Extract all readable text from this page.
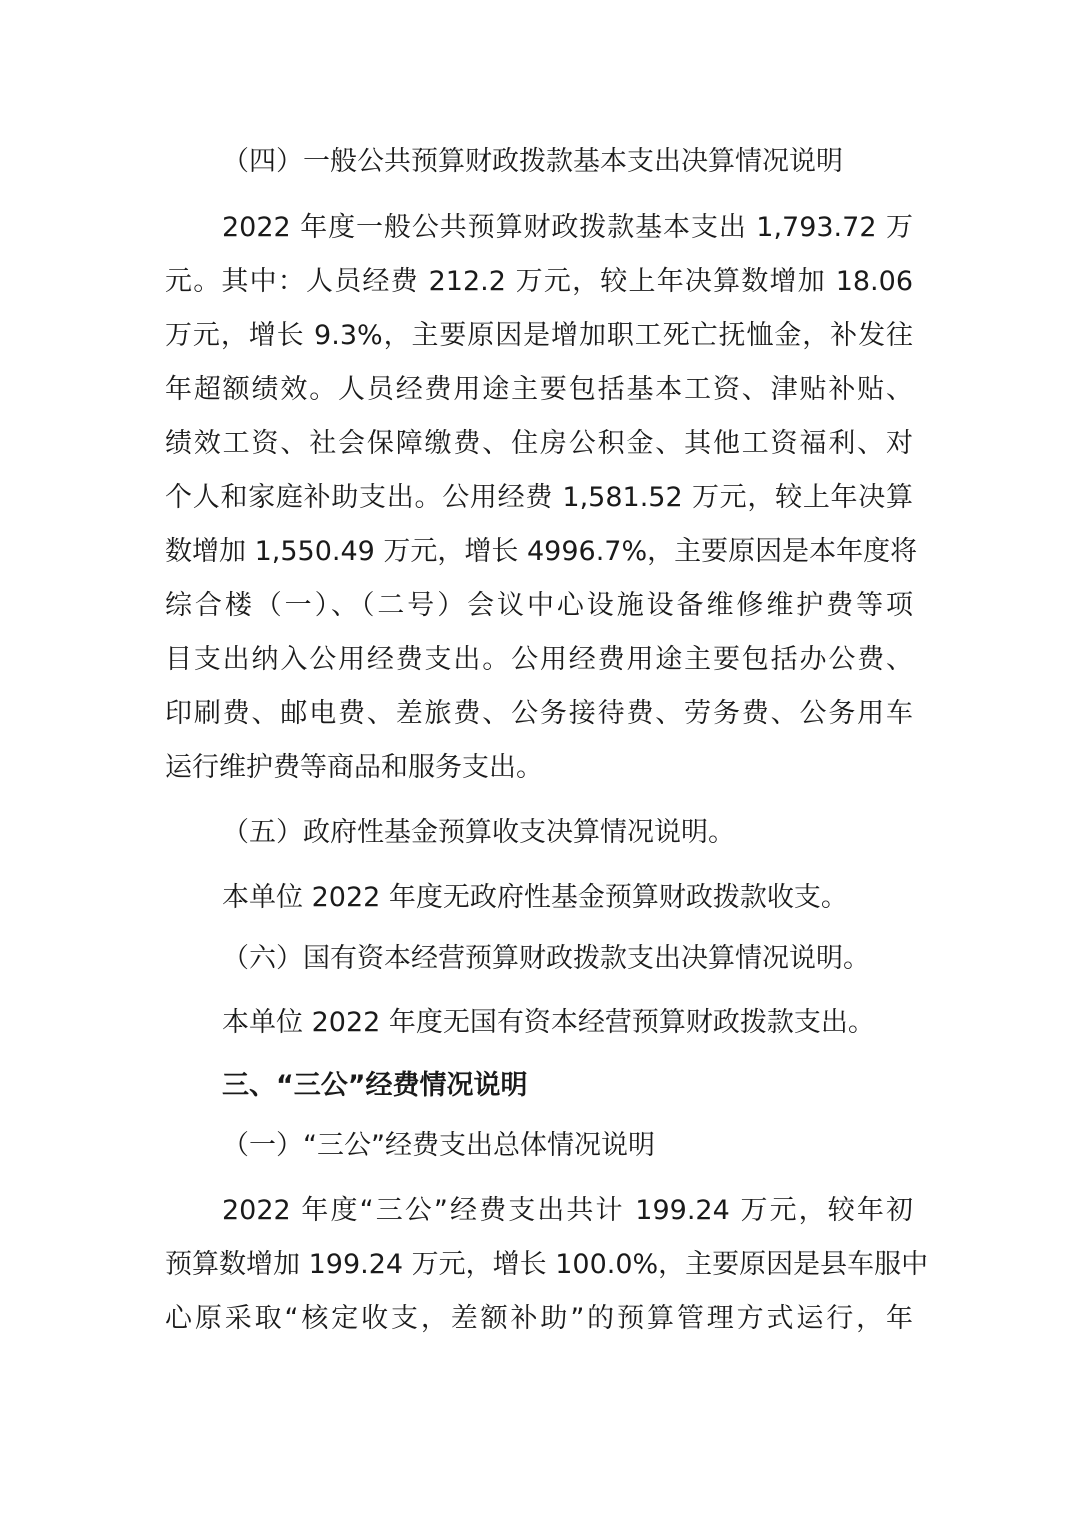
（四）一般公共预算财政拨款基本支出决算情况说明
2022 年度一般公共预算财政拨款基本支出 1,793.72 万
元。其中：人员经费 212.2 万元，较上年决算数增加 18.06
万元，增长 9.3%，主要原因是增加职工死亡抚恤金，补发往
年超额绩效。人员经费用途主要包括基本工资、津贴补贴、
绩效工资、社会保障缴费、住房公积金、其他工资福利、对
个人和家庭补助支出。公用经费 1,581.52 万元，较上年决算
数增加 1,550.49 万元，增长 4996.7%，主要原因是本年度将
综合楼（一）、（二号）会议中心设施设备维修维护费等项
目支出纳入公用经费支出。公用经费用途主要包括办公费、
印刷费、邮电费、差旅费、公务接待费、劳务费、公务用车
运行维护费等商品和服务支出。
（五）政府性基金预算收支决算情况说明。
本单位 2022 年度无政府性基金预算财政拨款收支。
（六）国有资本经营预算财政拨款支出决算情况说明。
本单位 2022 年度无国有资本经营预算财政拨款支出。
三、“三公”经费情况说明
（一）“三公”经费支出总体情况说明
2022 年度“三公”经费支出共计 199.24 万元，较年初
预算数增加 199.24 万元，增长 100.0%，主要原因是县车服中
心原采取“核定收支，差额补助”的预算管理方式运行，年
